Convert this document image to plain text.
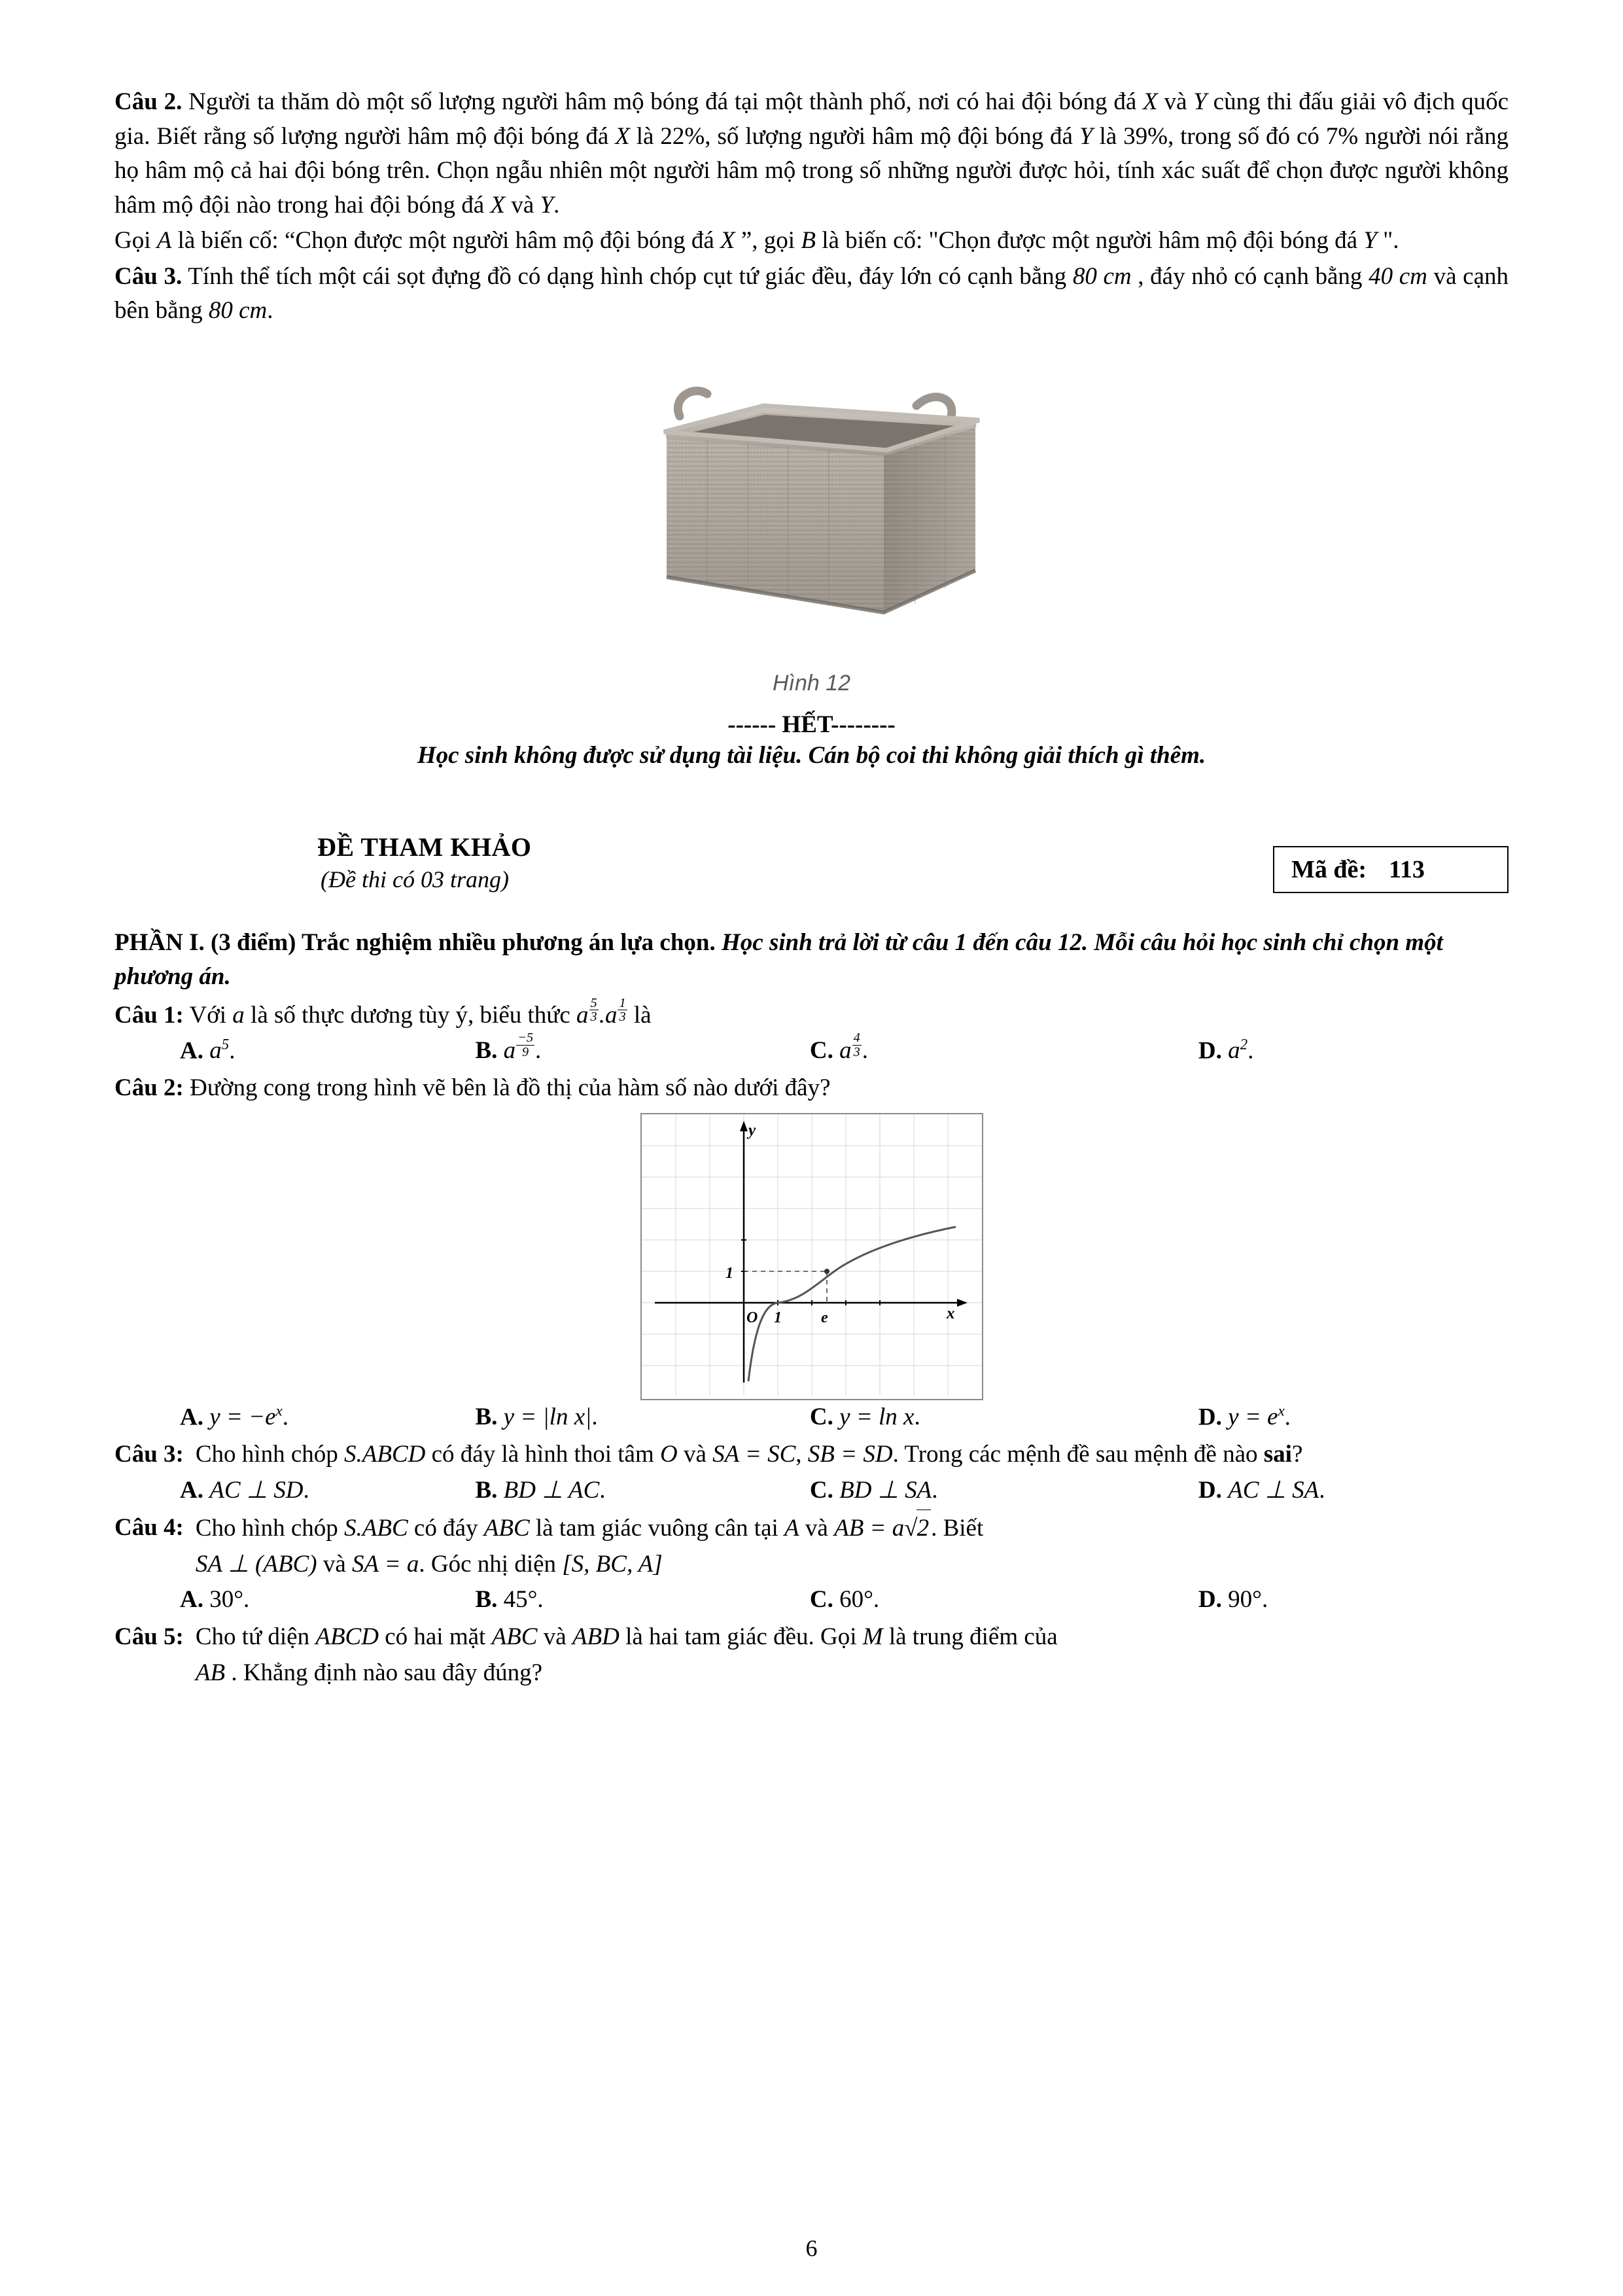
Câu 2. Người ta thăm dò một số lượng người hâm mộ bóng đá tại một thành phố, nơi có hai đội bóng đá X và Y cùng thi đấu giải vô địch quốc gia. Biết rằng số lượng người hâm mộ đội bóng đá X là 22%, số lượng người hâm mộ đội bóng đá Y là 39%, trong số đó có 7% người nói rằng họ hâm mộ cả hai đội bóng trên. Chọn ngẫu nhiên một người hâm mộ trong số những người được hỏi, tính xác suất để chọn được người không hâm mộ đội nào trong hai đội bóng đá X và Y.

Gọi A là biến cố: “Chọn được một người hâm mộ đội bóng đá X ”, gọi B là biến cố: "Chọn được một người hâm mộ đội bóng đá Y ".

Câu 3. Tính thể tích một cái sọt đựng đồ có dạng hình chóp cụt tứ giác đều, đáy lớn có cạnh bằng 80 cm , đáy nhỏ có cạnh bằng 40 cm và cạnh bên bằng 80 cm.

Hình 12
------ HẾT--------
Học sinh không được sử dụng tài liệu. Cán bộ coi thi không giải thích gì thêm.
ĐỀ THAM KHẢO
(Đề thi có 03 trang)	Mã đề: 113
PHẦN I. (3 điểm) Trắc nghiệm nhiều phương án lựa chọn. Học sinh trả lời từ câu 1 đến câu 12. Mỗi câu hỏi học sinh chỉ chọn một phương án.
Câu 1: Với a là số thực dương tùy ý, biểu thức a $\frac{5}{3} .a \frac{1}{3}$ là
A. $a^5$.	B. a $\frac{-5}{9}$ .	C. a $\frac{4}{3}$ .	D. $a^2$.
Câu 2: Đường cong trong hình vẽ bên là đồ thị của hàm số nào dưới đây?
1
O 1	e	x
y
A. $y = -e^x$.	B. y = |ln x|.	C. y = ln x.	D. $y = e^x$.
Câu 3: Cho hình chóp S.ABCD có đáy là hình thoi tâm O và SA = SC, SB = SD. Trong các mệnh đề sau mệnh đề nào sai?
A. AC ⊥ SD.	B. BD ⊥ AC.	C. BD ⊥ SA.	D. AC ⊥ SA.
Câu 4: Cho hình chóp S.ABC có đáy ABC là tam giác vuông cân tại A và AB = a√2. Biết
SA ⊥ (ABC) và SA = a. Góc nhị diện [S, BC, A]
A. 30°.	B. 45°.	C. 60°.	D. 90°.
Câu 5: Cho tứ diện ABCD có hai mặt ABC và ABD là hai tam giác đều. Gọi M là trung điểm của
AB . Khẳng định nào sau đây đúng?
6
